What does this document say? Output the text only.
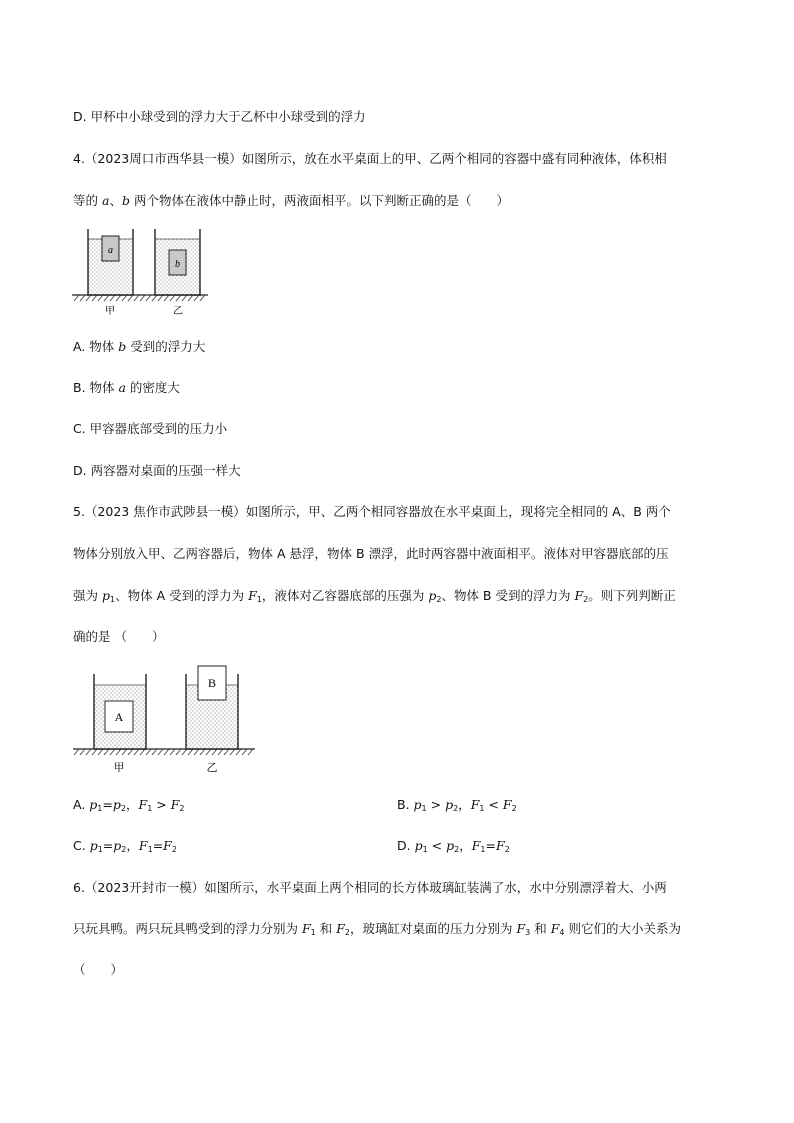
D. 甲杯中小球受到的浮力大于乙杯中小球受到的浮力
4.（2023周口市西华县一模）如图所示，放在水平桌面上的甲、乙两个相同的容器中盛有同种液体，体积相
等的 a、b 两个物体在液体中静止时，两液面相平。以下判断正确的是（　　）
a
b
甲	乙
A. 物体 b 受到的浮力大
B. 物体 a 的密度大
C. 甲容器底部受到的压力小
D. 两容器对桌面的压强一样大
5.（2023 焦作市武陟县一模）如图所示，甲、乙两个相同容器放在水平桌面上，现将完全相同的 A、B 两个
物体分别放入甲、乙两容器后，物体 A 悬浮，物体 B 漂浮，此时两容器中液面相平。液体对甲容器底部的压
强为 $p_1$、物体 A 受到的浮力为 $F_1$，液体对乙容器底部的压强为 $p_2$、物体 B 受到的浮力为 $F_2$。则下列判断正
确的是 （　　）
A
B
甲	乙
A. $p_1=p_2$，$F_1 > F_2$	B. $p_1 > p_2$，$F_1 < F_2$
C. $p_1=p_2$，$F_1=F_2$	D. $p_1 < p_2$，$F_1=F_2$
6.（2023开封市一模）如图所示，水平桌面上两个相同的长方体玻璃缸装满了水，水中分别漂浮着大、小两
只玩具鸭。两只玩具鸭受到的浮力分别为 $F_1$ 和 $F_2$，玻璃缸对桌面的压力分别为 $F_3$ 和 $F_4$ 则它们的大小关系为
（　　）
